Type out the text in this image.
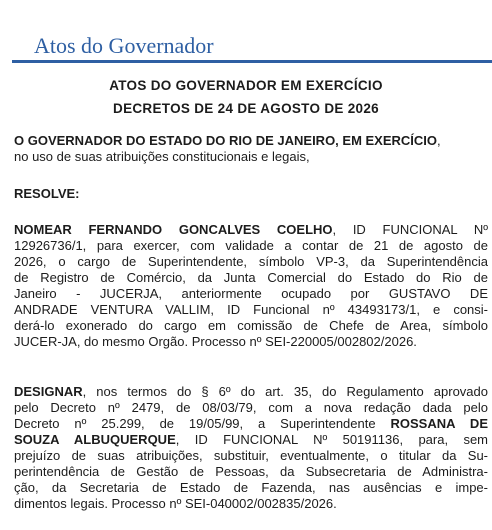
Atos do Governador
ATOS DO GOVERNADOR EM EXERCÍCIO
DECRETOS DE 24 DE AGOSTO DE 2026
O GOVERNADOR DO ESTADO DO RIO DE JANEIRO, EM EXERCÍCIO,
no uso de suas atribuições constitucionais e legais,
RESOLVE:
NOMEAR FERNANDO GONCALVES COELHO, ID FUNCIONAL Nº
12926736/1, para exercer, com validade a contar de 21 de agosto de
2026, o cargo de Superintendente, símbolo VP-3, da Superintendência
de Registro de Comércio, da Junta Comercial do Estado do Rio de
Janeiro - JUCERJA, anteriormente ocupado por GUSTAVO DE
ANDRADE VENTURA VALLIM, ID Funcional nº 43493173/1, e consi-
derá-lo exonerado do cargo em comissão de Chefe de Area, símbolo
JUCER-JA, do mesmo Orgão. Processo nº SEI-220005/002802/2026.
DESIGNAR, nos termos do § 6º do art. 35, do Regulamento aprovado
pelo Decreto nº 2479, de 08/03/79, com a nova redação dada pelo
Decreto nº 25.299, de 19/05/99, a Superintendente ROSSANA DE
SOUZA ALBUQUERQUE, ID FUNCIONAL Nº 50191136, para, sem
prejuízo de suas atribuições, substituir, eventualmente, o titular da Su-
perintendência de Gestão de Pessoas, da Subsecretaria de Administra-
ção, da Secretaria de Estado de Fazenda, nas ausências e impe-
dimentos legais. Processo nº SEI-040002/002835/2026.
